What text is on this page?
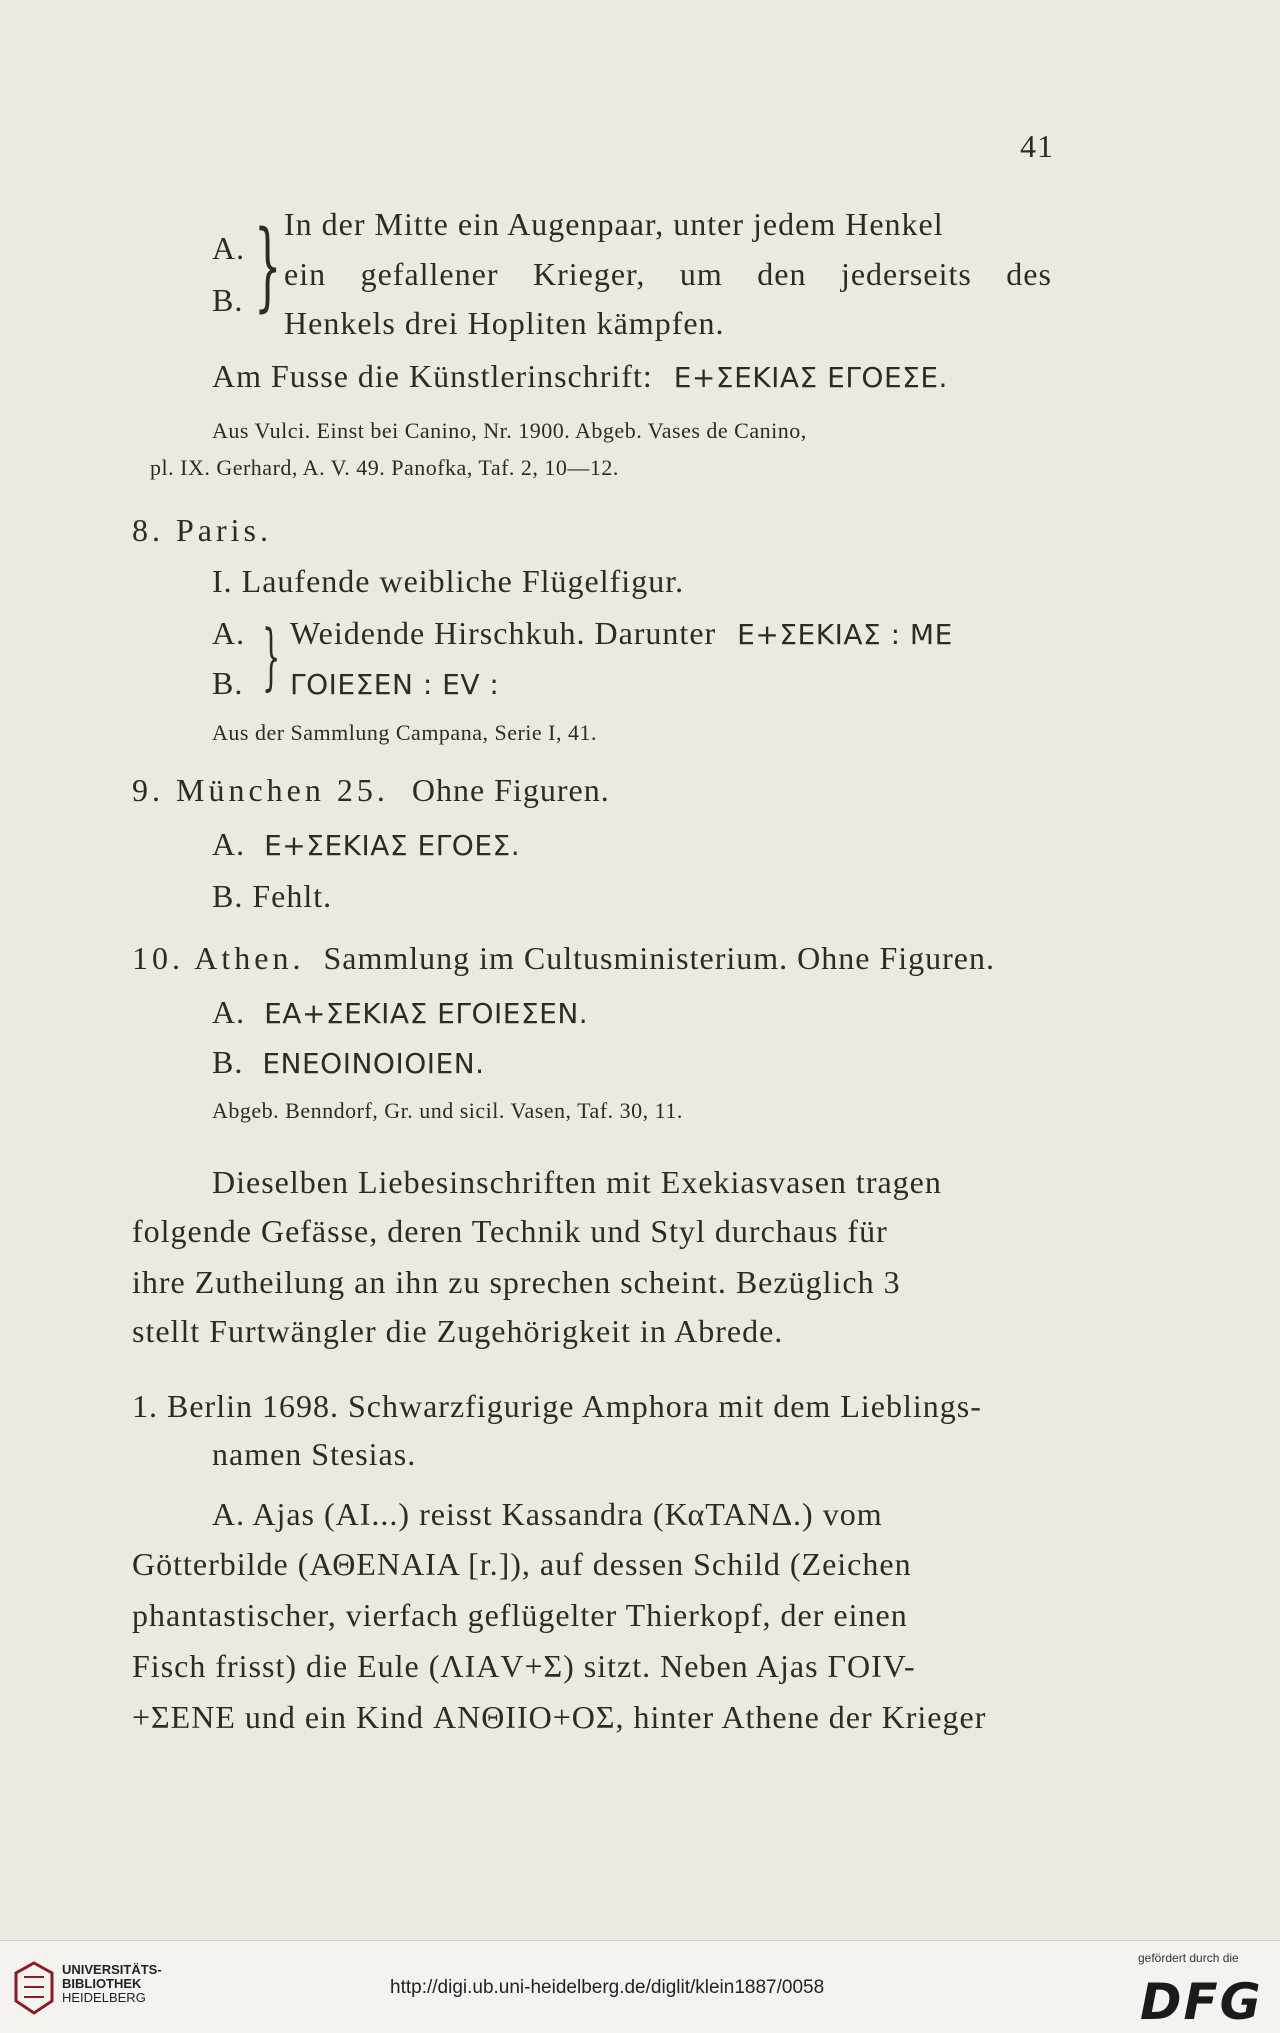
41
A.
B. } In der Mitte ein Augenpaar, unter jedem Henkel
ein gefallener Krieger, um den jederseits des
Henkels drei Hopliten kämpfen.
Am Fusse die Künstlerinschrift: Ε+ΣΕΚΙΑΣ ΕΓΟΕΣΕ.
Aus Vulci. Einst bei Canino, Nr. 1900. Abgeb. Vases de Canino,
pl. IX. Gerhard, A. V. 49. Panofka, Taf. 2, 10—12.
8. Paris.
I. Laufende weibliche Flügelfigur.
A.
B. } Weidende Hirschkuh. Darunter Ε+ΣΕΚΙΑΣ : ΜΕ
ΓΟΙΕΣΕΝ : ΕV :
Aus der Sammlung Campana, Serie I, 41.
9. München 25. Ohne Figuren.
A. Ε+ΣΕΚΙΑΣ ΕΓΟΕΣ.
B. Fehlt.
10. Athen. Sammlung im Cultusministerium. Ohne Figuren.
A. ΕΑ+ΣΕΚΙΑΣ ΕΓΟΙΕΣΕΝ.
B. ΕΝΕΟΙΝΟΙΟΙΕΝ.
Abgeb. Benndorf, Gr. und sicil. Vasen, Taf. 30, 11.
Dieselben Liebesinschriften mit Exekiasvasen tragen
folgende Gefässe, deren Technik und Styl durchaus für
ihre Zutheilung an ihn zu sprechen scheint. Bezüglich 3
stellt Furtwängler die Zugehörigkeit in Abrede.
1. Berlin 1698. Schwarzfigurige Amphora mit dem Lieblings-
namen Stesias.
A. Ajas (ΑΙ...) reisst Kassandra (ΚαΤΑΝΔ.) vom
Götterbilde (ΑΘΕΝΑΙΑ [r.]), auf dessen Schild (Zeichen
phantastischer, vierfach geflügelter Thierkopf, der einen
Fisch frisst) die Eule (ΛΙΑV+Σ) sitzt. Neben Ajas ΓΟΙV-
+ΣΕΝΕ und ein Kind ΑΝΘΙΙΟ+ΟΣ, hinter Athene der Krieger
UNIVERSITÄTS-
BIBLIOTHEK
HEIDELBERG	http://digi.ub.uni-heidelberg.de/diglit/klein1887/0058
gefördert durch die
DFG
